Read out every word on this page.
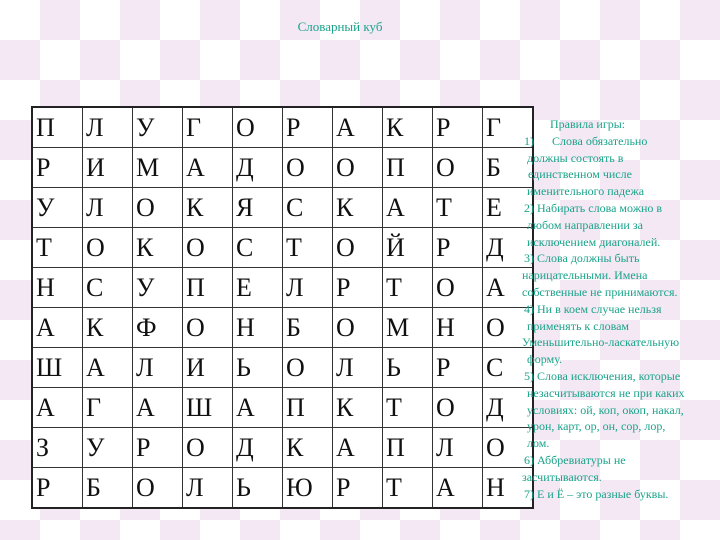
Словарный куб
П	Л	У	Г	О	Р	А	К	Р	Г
Р	И	М	А	Д	О	О	П	О	Б
У	Л	О	К	Я	С	К	А	Т	Е
Т	О	К	О	С	Т	О	Й	Р	Д
Н	С	У	П	Е	Л	Р	Т	О	А
А	К	Ф	О	Н	Б	О	М	Н	О
Ш	А	Л	И	Ь	О	Л	Ь	Р	С
А	Г	А	Ш	А	П	К	Т	О	Д
З	У	Р	О	Д	К	А	П	Л	О
Р	Б	О	Л	Ь	Ю	Р	Т	А	Н
Правила игры:
1)      Слова обязательно
должны состоять в
единственном числе
именительного падежа
2) Набирать слова можно в
любом направлении за
исключением диагоналей.
3) Слова должны быть
нарицательными. Имена
собственные не принимаются.
4) Ни в коем случае нельзя
применять к словам
Уменьшительно-ласкательную
форму.
5) Слова исключения, которые
незасчитываются не при каких
условиях: ой, коп, окоп, накал,
урон, карт, ор, он, сор, лор,
лом.
6) Аббревиатуры не
засчитываются.
7) Е и Ё – это разные буквы.
